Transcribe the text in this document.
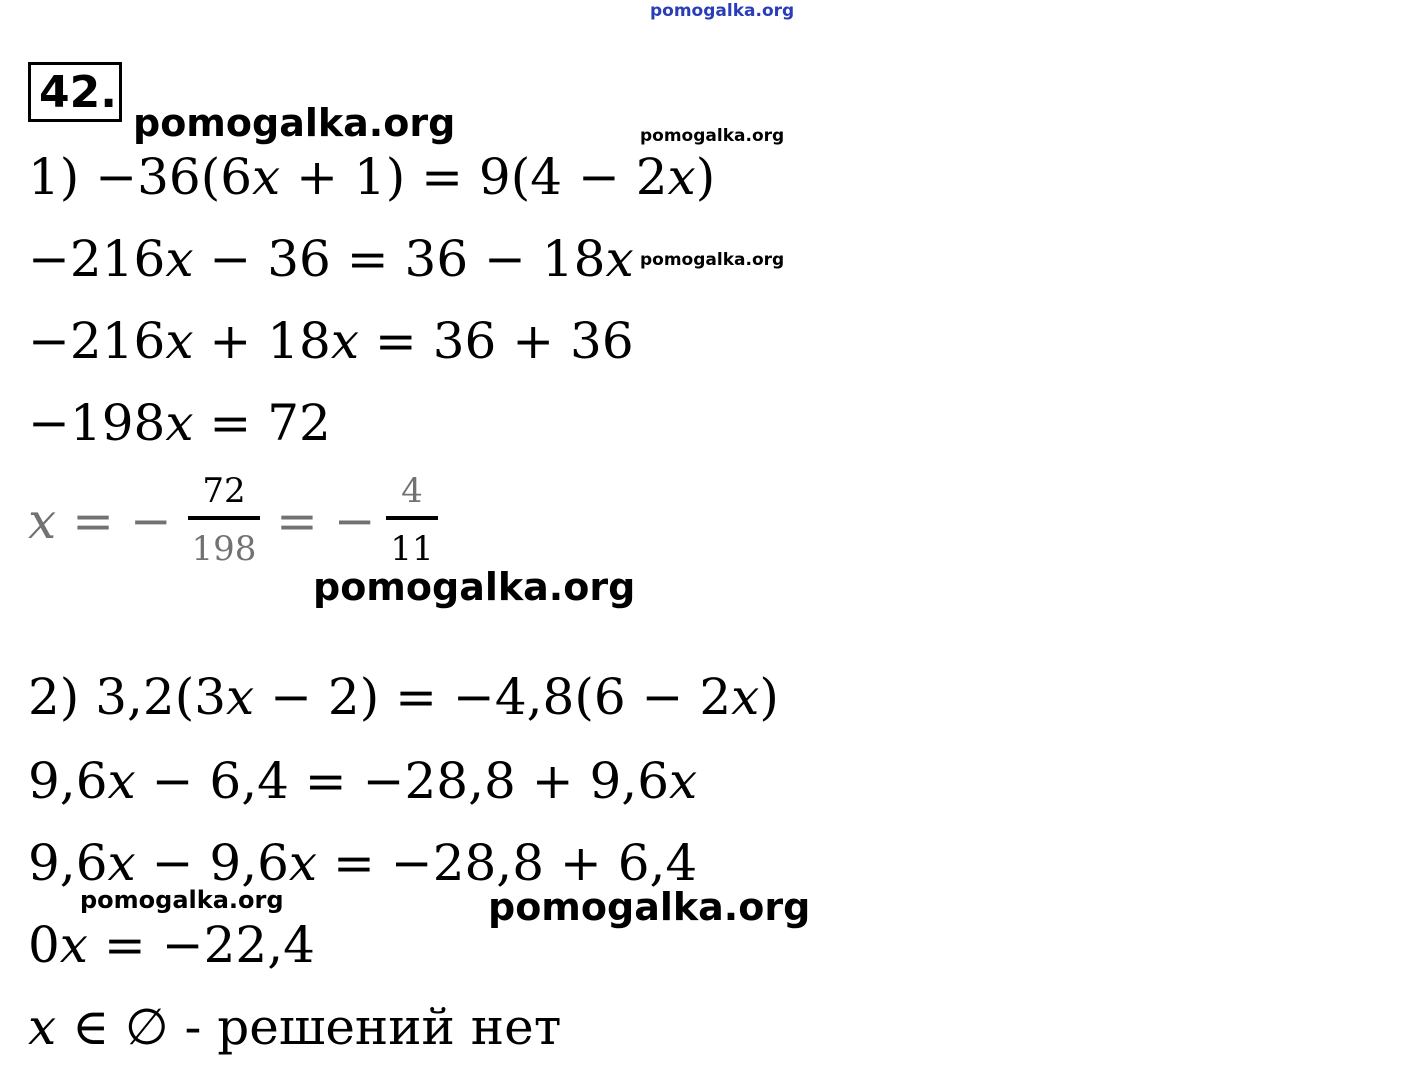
pomogalka.org
42.
pomogalka.org	pomogalka.org
1) −36(6𝑥 + 1) = 9(4 − 2𝑥)
−216𝑥 − 36 = 36 − 18𝑥 pomogalka.org
−216𝑥 + 18𝑥 = 36 + 36
−198𝑥 = 72
𝑥 = −
72
198 = −
4
11
pomogalka.org
2) 3,2(3𝑥 − 2) = −4,8(6 − 2𝑥)
9,6𝑥 − 6,4 = −28,8 + 9,6𝑥
9,6𝑥 − 9,6𝑥 = −28,8 + 6,4
pomogalka.org	pomogalka.org
0𝑥 = −22,4
𝑥 ∈ ∅ - решений нет
